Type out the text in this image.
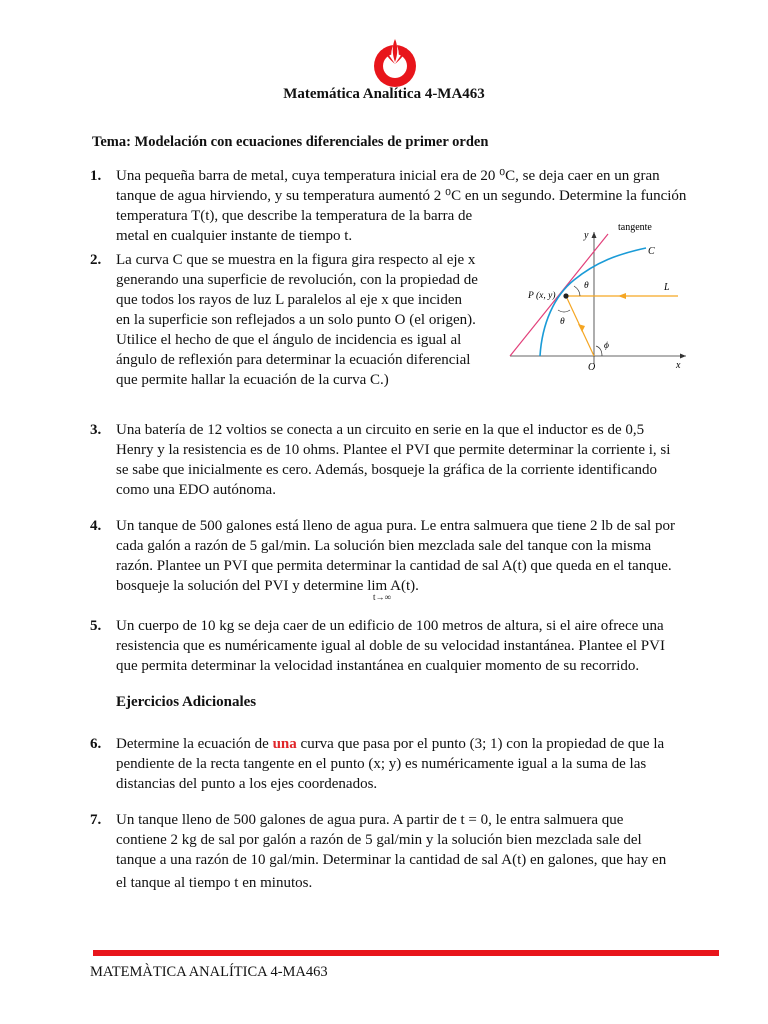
Matemática Analítica 4-MA463
Tema: Modelación con ecuaciones diferenciales de primer orden
1. Una pequeña barra de metal, cuya temperatura inicial era de 20 ⁰C, se deja caer en un gran
tanque de agua hirviendo, y su temperatura aumentó 2 ⁰C en un segundo. Determine la función
temperatura T(t), que describe la temperatura de la barra de
metal en cualquier instante de tiempo t.
2. La curva C que se muestra en la figura gira respecto al eje x
generando una superficie de revolución, con la propiedad de
que todos los rayos de luz L paralelos al eje x que inciden
en la superficie son reflejados a un solo punto O (el origen).
Utilice el hecho de que el ángulo de incidencia es igual al
ángulo de reflexión para determinar la ecuación diferencial
que permite hallar la ecuación de la curva C.)
tangente
y
x
C
L
P (x, y)
θ
θ
ϕ
O
3. Una batería de 12 voltios se conecta a un circuito en serie en la que el inductor es de 0,5
Henry y la resistencia es de 10 ohms. Plantee el PVI que permite determinar la corriente i, si
se sabe que inicialmente es cero. Además, bosqueje la gráfica de la corriente identificando
como una EDO autónoma.
4. Un tanque de 500 galones está lleno de agua pura. Le entra salmuera que tiene 2 lb de sal por
cada galón a razón de 5 gal/min. La solución bien mezclada sale del tanque con la misma
razón. Plantee un PVI que permita determinar la cantidad de sal A(t) que queda en el tanque.
bosqueje la solución del PVI y determine lim A(t).
t→∞
5. Un cuerpo de 10 kg se deja caer de un edificio de 100 metros de altura, si el aire ofrece una
resistencia que es numéricamente igual al doble de su velocidad instantánea. Plantee el PVI
que permita determinar la velocidad instantánea en cualquier momento de su recorrido.
Ejercicios Adicionales
6. Determine la ecuación de una curva que pasa por el punto (3; 1) con la propiedad de que la
pendiente de la recta tangente en el punto (x; y) es numéricamente igual a la suma de las
distancias del punto a los ejes coordenados.
7. Un tanque lleno de 500 galones de agua pura. A partir de t = 0, le entra salmuera que
contiene 2 kg de sal por galón a razón de 5 gal/min y la solución bien mezclada sale del
tanque a una razón de 10 gal/min. Determinar la cantidad de sal A(t) en galones, que hay en
el tanque al tiempo t en minutos.
MATEMÀTICA ANALÍTICA 4-MA463
